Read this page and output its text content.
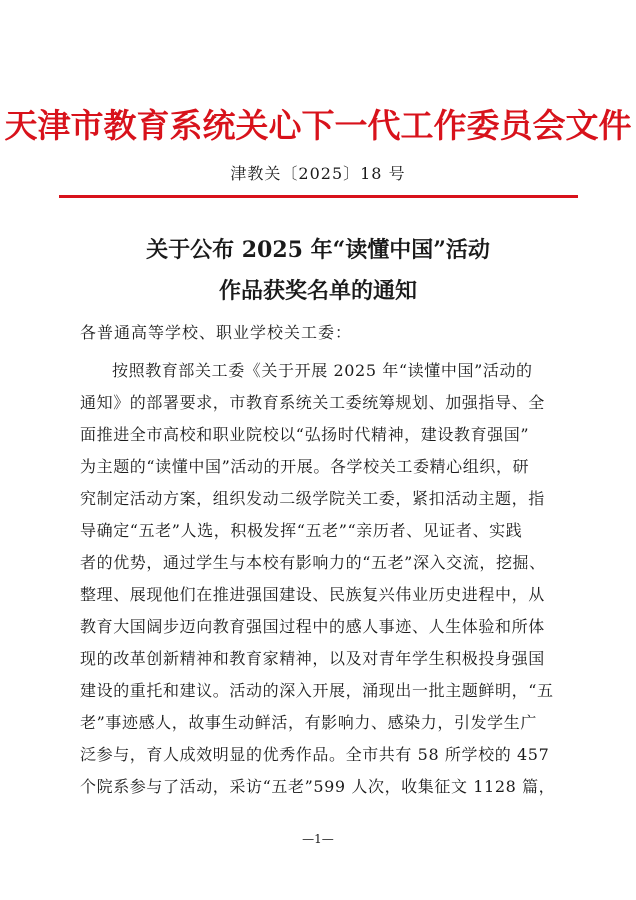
天津市教育系统关心下一代工作委员会文件
津教关〔2025〕18 号
关于公布 2025 年“读懂中国”活动
作品获奖名单的通知
各普通高等学校、职业学校关工委：
按照教育部关工委《关于开展 2025 年“读懂中国”活动的
通知》的部署要求，市教育系统关工委统筹规划、加强指导、全
面推进全市高校和职业院校以“弘扬时代精神，建设教育强国”
为主题的“读懂中国”活动的开展。各学校关工委精心组织，研
究制定活动方案，组织发动二级学院关工委，紧扣活动主题，指
导确定“五老”人选，积极发挥“五老”“亲历者、见证者、实践
者的优势，通过学生与本校有影响力的“五老”深入交流，挖掘、
整理、展现他们在推进强国建设、民族复兴伟业历史进程中，从
教育大国阔步迈向教育强国过程中的感人事迹、人生体验和所体
现的改革创新精神和教育家精神，以及对青年学生积极投身强国
建设的重托和建议。活动的深入开展，涌现出一批主题鲜明，“五
老”事迹感人，故事生动鲜活，有影响力、感染力，引发学生广
泛参与，育人成效明显的优秀作品。全市共有 58 所学校的 457
个院系参与了活动，采访“五老”599 人次，收集征文 1128 篇，
—1—
